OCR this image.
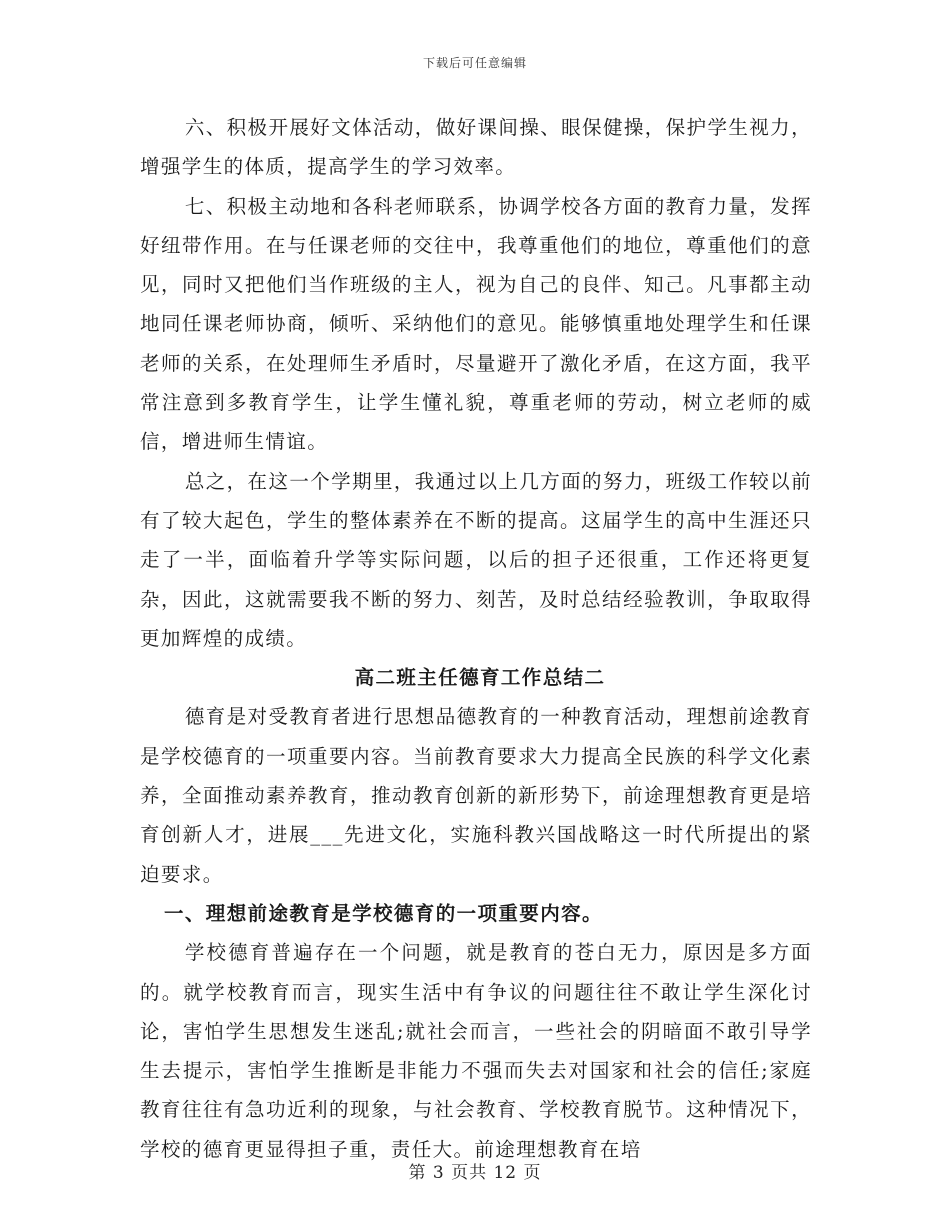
下载后可任意编辑

六、积极开展好文体活动，做好课间操、眼保健操，保护学生视力，增强学生的体质，提高学生的学习效率。

七、积极主动地和各科老师联系，协调学校各方面的教育力量，发挥好纽带作用。在与任课老师的交往中，我尊重他们的地位，尊重他们的意见，同时又把他们当作班级的主人，视为自己的良伴、知己。凡事都主动地同任课老师协商，倾听、采纳他们的意见。能够慎重地处理学生和任课老师的关系，在处理师生矛盾时，尽量避开了激化矛盾，在这方面，我平常注意到多教育学生，让学生懂礼貌，尊重老师的劳动，树立老师的威信，增进师生情谊。

总之，在这一个学期里，我通过以上几方面的努力，班级工作较以前有了较大起色，学生的整体素养在不断的提高。这届学生的高中生涯还只走了一半，面临着升学等实际问题，以后的担子还很重，工作还将更复杂，因此，这就需要我不断的努力、刻苦，及时总结经验教训，争取取得更加辉煌的成绩。

高二班主任德育工作总结二

德育是对受教育者进行思想品德教育的一种教育活动，理想前途教育是学校德育的一项重要内容。当前教育要求大力提高全民族的科学文化素养，全面推动素养教育，推动教育创新的新形势下，前途理想教育更是培育创新人才，进展___先进文化，实施科教兴国战略这一时代所提出的紧迫要求。

一、理想前途教育是学校德育的一项重要内容。

学校德育普遍存在一个问题，就是教育的苍白无力，原因是多方面的。就学校教育而言，现实生活中有争议的问题往往不敢让学生深化讨论，害怕学生思想发生迷乱;就社会而言，一些社会的阴暗面不敢引导学生去提示，害怕学生推断是非能力不强而失去对国家和社会的信任;家庭教育往往有急功近利的现象，与社会教育、学校教育脱节。这种情况下，学校的德育更显得担子重，责任大。前途理想教育在培

第 3 页共 12 页
